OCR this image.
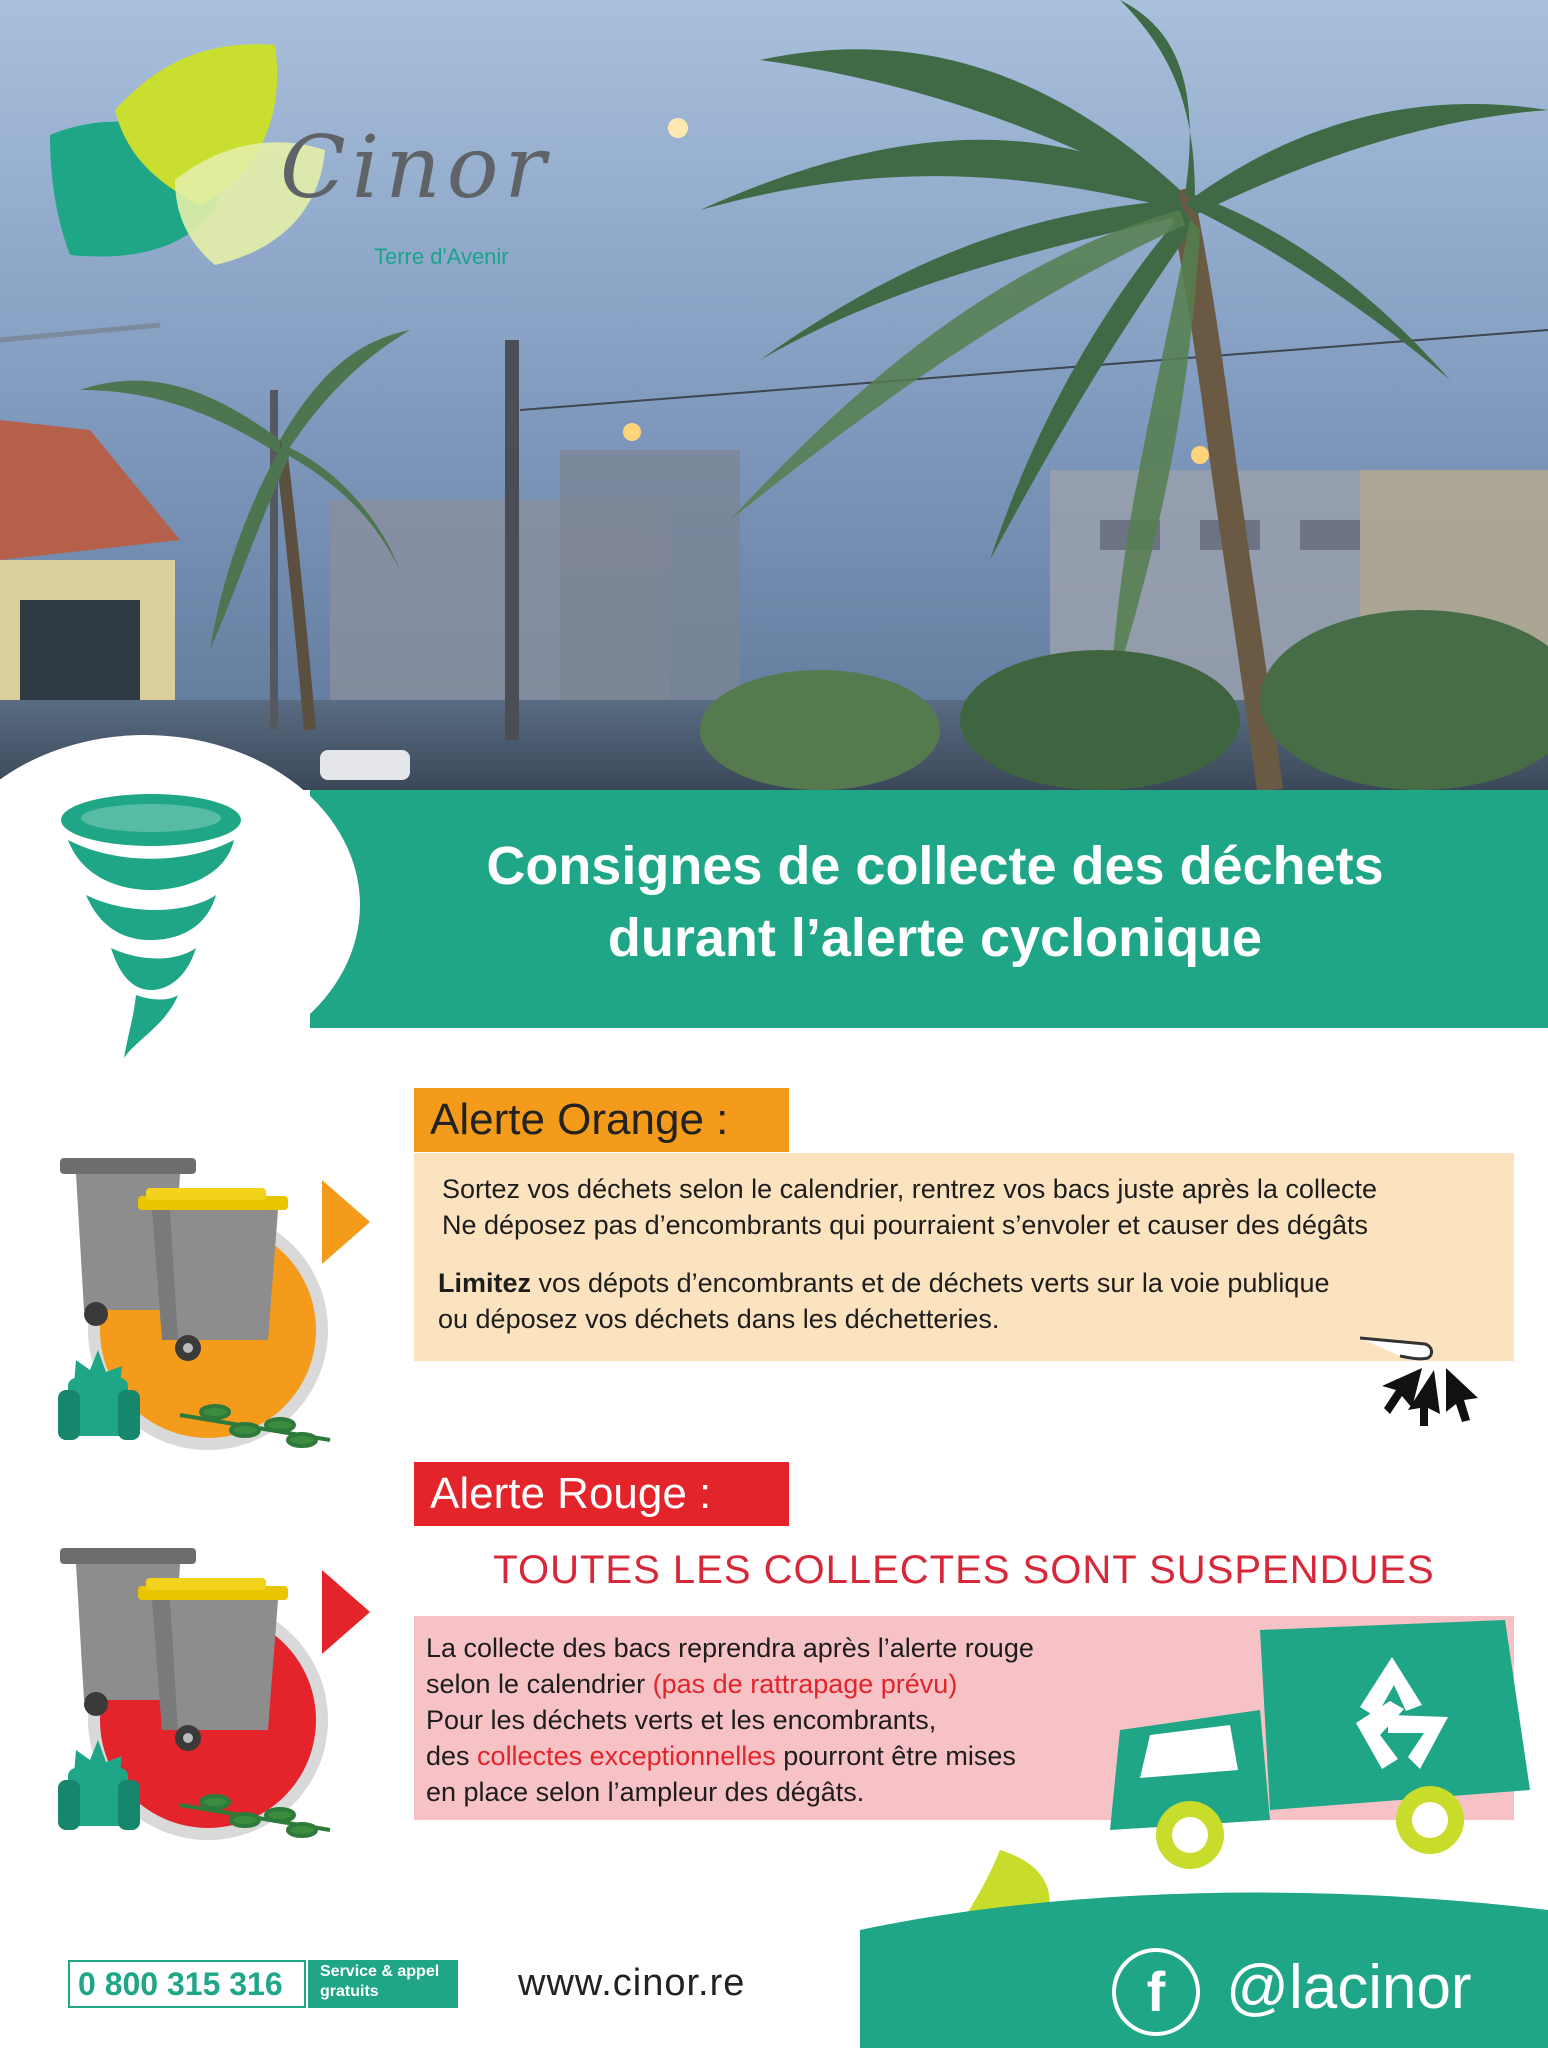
Cinor
Terre d'Avenir
Consignes de collecte des déchets
durant l’alerte cyclonique
Alerte Orange :
Sortez vos déchets selon le calendrier, rentrez vos bacs juste après la collecte
Ne déposez pas d’encombrants qui pourraient s’envoler et causer des dégâts
Limitez vos dépots d’encombrants et de déchets verts sur la voie publique
ou déposez vos déchets dans les déchetteries.
Alerte Rouge :
TOUTES LES COLLECTES SONT SUSPENDUES
La collecte des bacs reprendra après l’alerte rouge
selon le calendrier (pas de rattrapage prévu)
Pour les déchets verts et les encombrants,
des collectes exceptionnelles pourront être mises
en place selon l’ampleur des dégâts.
0 800 315 316 Service & appel
gratuits	www.cinor.re	f @lacinor
